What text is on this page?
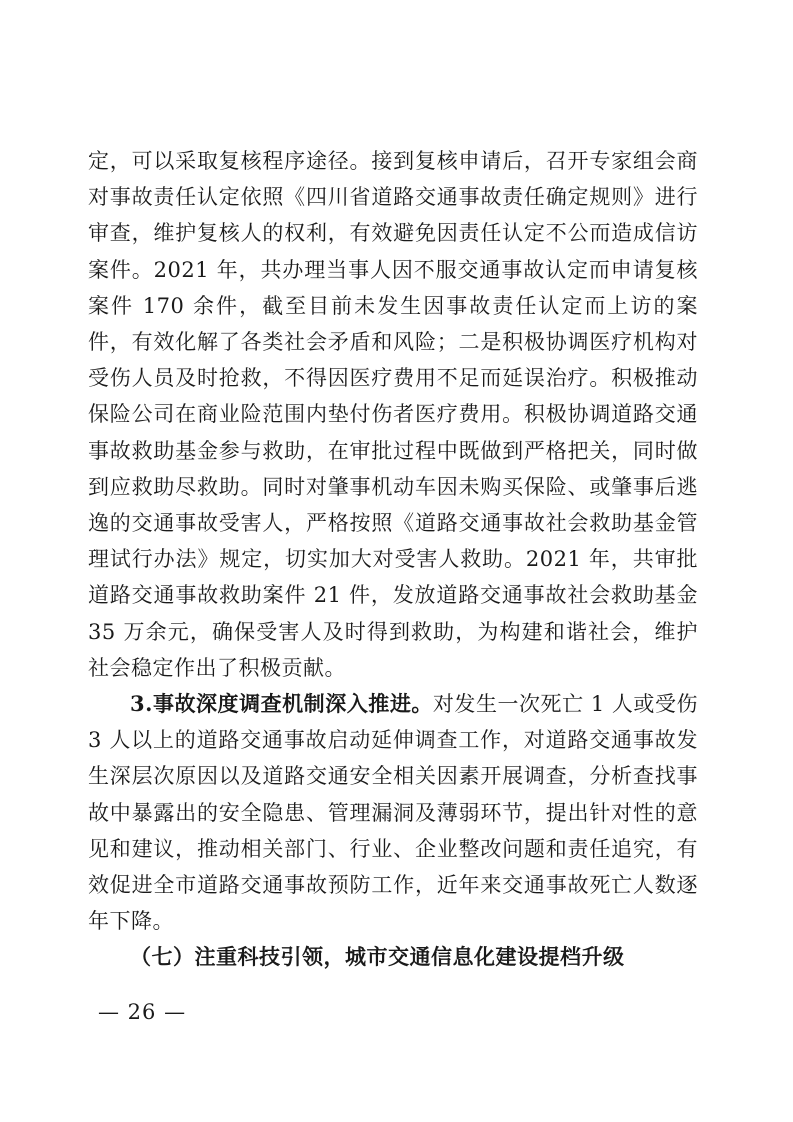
定，可以采取复核程序途径。接到复核申请后，召开专家组会商对事故责任认定依照《四川省道路交通事故责任确定规则》进行审查，维护复核人的权利，有效避免因责任认定不公而造成信访案件。2021 年，共办理当事人因不服交通事故认定而申请复核案件 170 余件，截至目前未发生因事故责任认定而上访的案件，有效化解了各类社会矛盾和风险；二是积极协调医疗机构对受伤人员及时抢救，不得因医疗费用不足而延误治疗。积极推动保险公司在商业险范围内垫付伤者医疗费用。积极协调道路交通事故救助基金参与救助，在审批过程中既做到严格把关，同时做到应救助尽救助。同时对肇事机动车因未购买保险、或肇事后逃逸的交通事故受害人，严格按照《道路交通事故社会救助基金管理试行办法》规定，切实加大对受害人救助。2021 年，共审批道路交通事故救助案件 21 件，发放道路交通事故社会救助基金 35 万余元，确保受害人及时得到救助，为构建和谐社会，维护社会稳定作出了积极贡献。

3.事故深度调查机制深入推进。对发生一次死亡 1 人或受伤 3 人以上的道路交通事故启动延伸调查工作，对道路交通事故发生深层次原因以及道路交通安全相关因素开展调查，分析查找事故中暴露出的安全隐患、管理漏洞及薄弱环节，提出针对性的意见和建议，推动相关部门、行业、企业整改问题和责任追究，有效促进全市道路交通事故预防工作，近年来交通事故死亡人数逐年下降。

（七）注重科技引领，城市交通信息化建设提档升级

— 26 —
